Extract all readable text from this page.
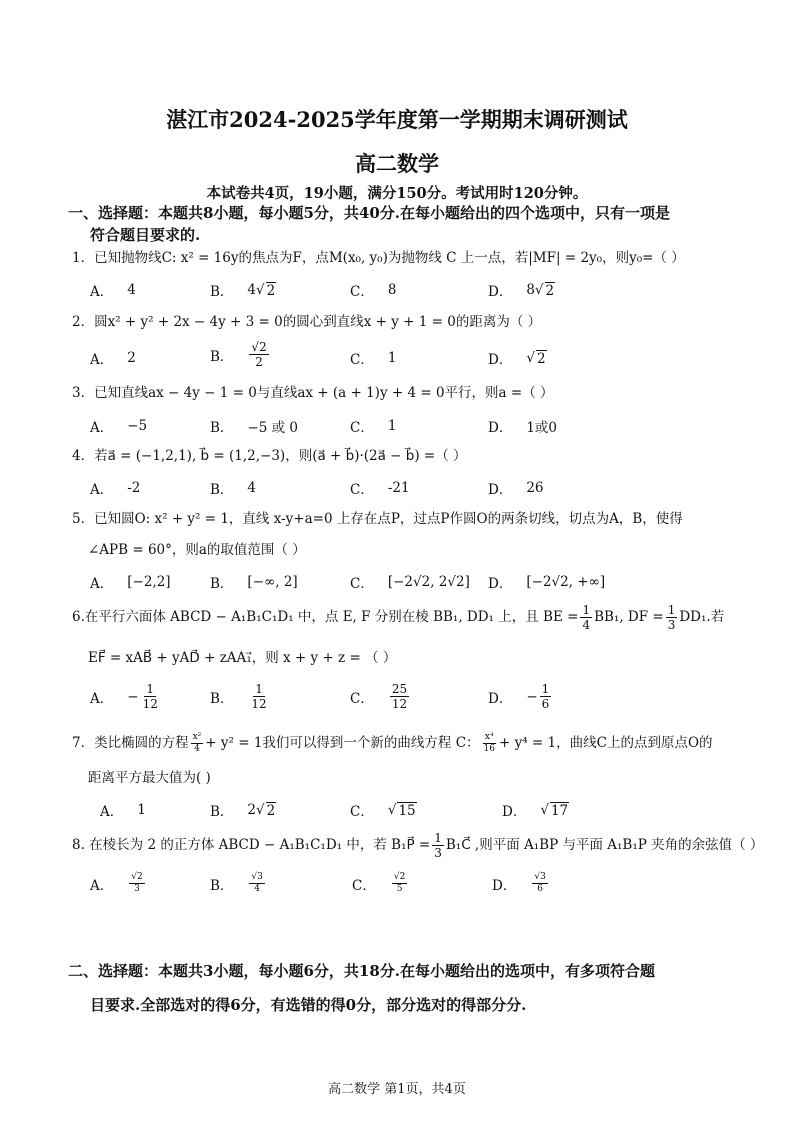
湛江市2024-2025学年度第一学期期末调研测试
高二数学
本试卷共4页，19小题，满分150分。考试用时120分钟。
一、选择题：本题共8小题，每小题5分，共40分.在每小题给出的四个选项中，只有一项是
符合题目要求的.
1．已知抛物线C: x² = 16y的焦点为F，点M(x₀, y₀)为抛物线 C 上一点，若|MF| = 2y₀，则y₀=（ ）
A． 4	B． 4 √ 2	C． 8	D． 8 √ 2
2．圆x² + y² + 2x − 4y + 3 = 0的圆心到直线x + y + 1 = 0的距离为（ ）
A． 2	B． $\frac{√2}{2}$	C． 1	D． √ 2
3．已知直线ax − 4y − 1 = 0与直线ax + (a + 1)y + 4 = 0平行，则a =（ ）
A． −5	B． −5 或 0	C． 1	D． 1或0
4．若a⃗ = (−1,2,1), b⃗ = (1,2,−3)，则(a⃗ + b⃗)·(2a⃗ − b⃗) =（ ）
A． -2	B． 4	C． -21	D． 26
5．已知圆O: x² + y² = 1，直线 x-y+a=0 上存在点P，过点P作圆O的两条切线，切点为A，B，使得
∠APB = 60°，则a的取值范围（ ）
A． [−2,2]	B． [−∞, 2]	C． [−2√2, 2√2] D． [−2√2, +∞]
6.在平行六面体 ABCD − A₁B₁C₁D₁ 中，点 E, F 分别在棱 BB₁, DD₁ 上，且 BE = $\frac{1}{4} BB_1$, DF = $\frac{1}{3} DD_1$.若
EF⃗ = xAB⃗ + yAD⃗ + zAA₁⃗，则 x + y + z = （ ）
A． − $\frac{1}{12}$	B． $\frac{1}{12}$	C． $\frac{25}{12}$	D． − $\frac{1}{6}$
7．类比椭圆的方程 $\frac{\text{x²}}{4} + y^2 = 1$我们可以得到一个新的曲线方程 C： $\frac{\text{x⁴}}{16} + y^4 = 1$，曲线C上的点到原点O的
距离平方最大值为( )
A． 1	B． 2 √ 2	C． √ 15	D． √ 17
8. 在棱长为 2 的正方体 ABCD − A₁B₁C₁D₁ 中，若 B₁P⃗ = $\frac{1}{3}$ B₁C⃗ ,则平面 A₁BP 与平面 A₁B₁P 夹角的余弦值（ ）
A． $\frac{√2}{3}$	B． $\frac{√3}{4}$	C． $\frac{√2}{5}$	D． $\frac{√3}{6}$
二、选择题：本题共3小题，每小题6分，共18分.在每小题给出的选项中，有多项符合题
目要求.全部选对的得6分，有选错的得0分，部分选对的得部分分.
高二数学 第1页，共4页
